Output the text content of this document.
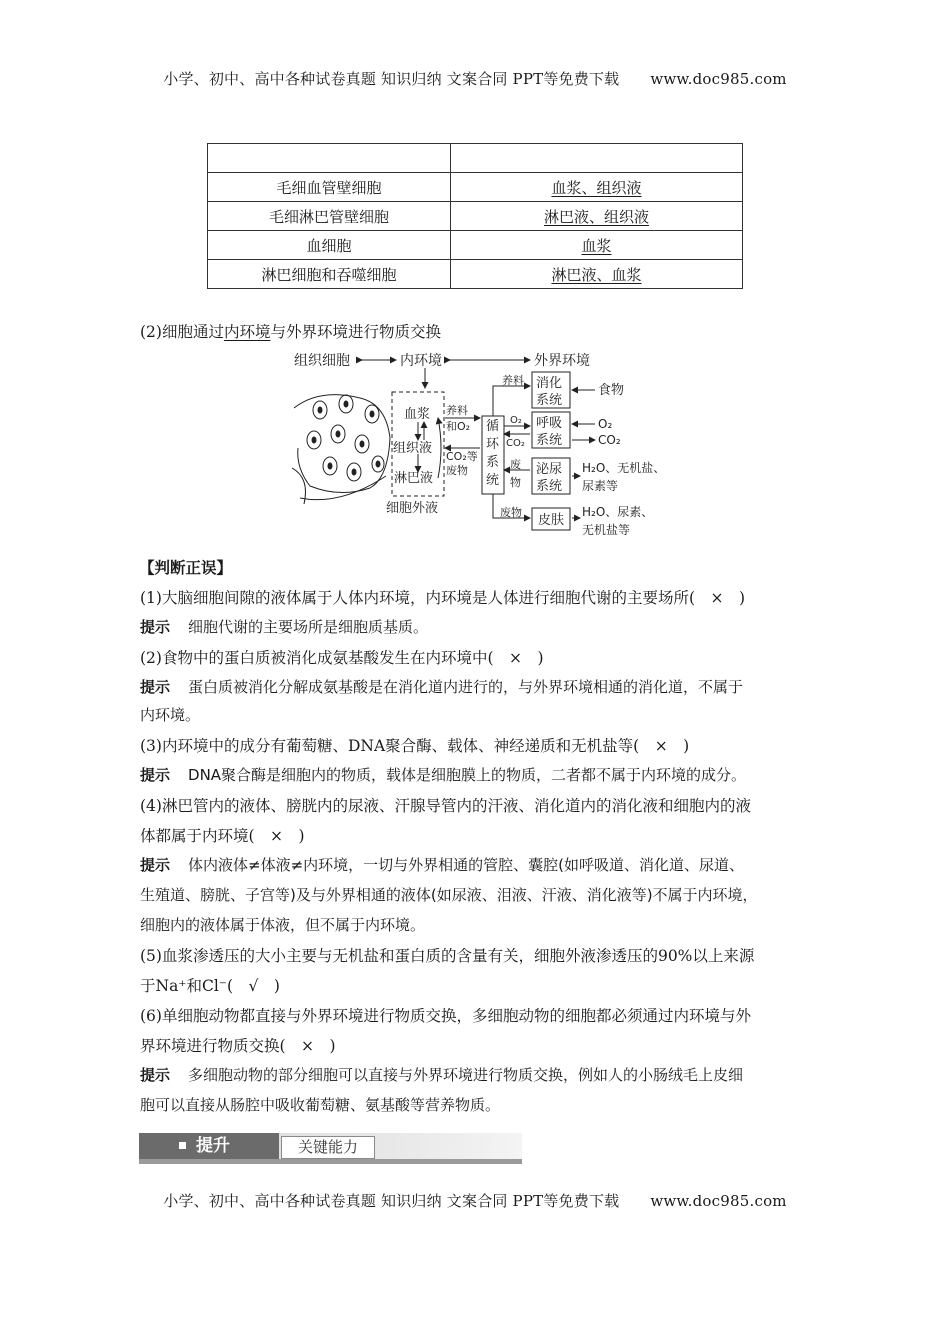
小学、初中、高中各种试卷真题 知识归纳 文案合同 PPT等免费下载 www.doc985.com

毛细血管壁细胞	血浆、组织液
毛细淋巴管壁细胞	淋巴液、组织液
血细胞	血浆
淋巴细胞和吞噬细胞	淋巴液、血浆
(2)细胞通过内环境与外界环境进行物质交换
组织细胞	内环境	外界环境
血浆
组织液
淋巴液
细胞外液
养料
和O₂
CO₂等
废物
循
环
系
统
养料 消化
系统
食物
O₂
CO₂
呼吸
系统
O₂
CO₂
废
物
泌尿
系统
H₂O、无机盐、
尿素等
废物
皮肤
H₂O、尿素、
无机盐等
【判断正误】
(1)大脑细胞间隙的液体属于人体内环境，内环境是人体进行细胞代谢的主要场所(　×　)
提示 细胞代谢的主要场所是细胞质基质。
(2)食物中的蛋白质被消化成氨基酸发生在内环境中(　×　)
提示 蛋白质被消化分解成氨基酸是在消化道内进行的，与外界环境相通的消化道，不属于
内环境。
(3)内环境中的成分有葡萄糖、DNA聚合酶、载体、神经递质和无机盐等(　×　)
提示 DNA聚合酶是细胞内的物质，载体是细胞膜上的物质，二者都不属于内环境的成分。
(4)淋巴管内的液体、膀胱内的尿液、汗腺导管内的汗液、消化道内的消化液和细胞内的液
体都属于内环境(　×　)
提示 体内液体≠体液≠内环境，一切与外界相通的管腔、囊腔(如呼吸道、消化道、尿道、
生殖道、膀胱、子宫等)及与外界相通的液体(如尿液、泪液、汗液、消化液等)不属于内环境，
细胞内的液体属于体液，但不属于内环境。
(5)血浆渗透压的大小主要与无机盐和蛋白质的含量有关，细胞外液渗透压的90%以上来源
于Na⁺和Cl⁻(　√　)
(6)单细胞动物都直接与外界环境进行物质交换，多细胞动物的细胞都必须通过内环境与外
界环境进行物质交换(　×　)
提示 多细胞动物的部分细胞可以直接与外界环境进行物质交换，例如人的小肠绒毛上皮细
胞可以直接从肠腔中吸收葡萄糖、氨基酸等营养物质。
提升	关键能力
小学、初中、高中各种试卷真题 知识归纳 文案合同 PPT等免费下载 www.doc985.com
